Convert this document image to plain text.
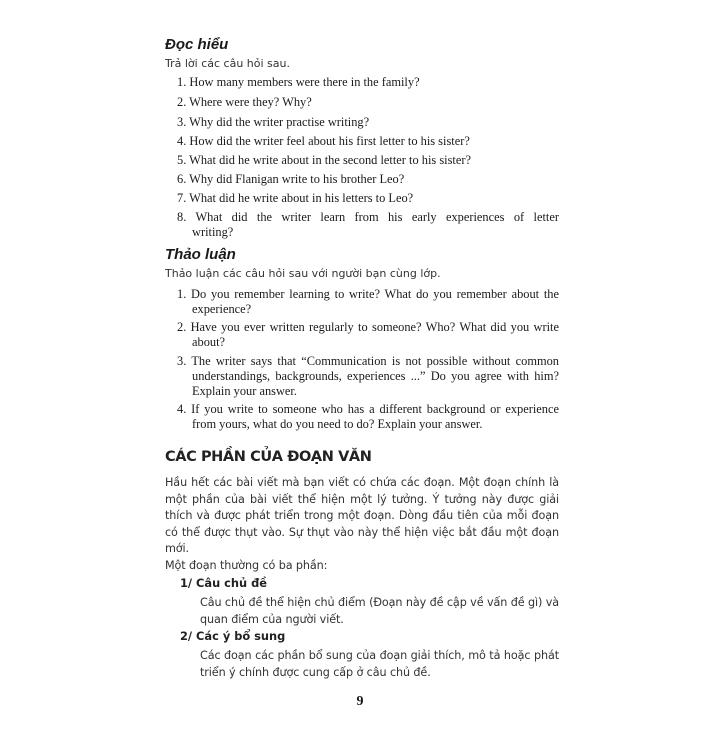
Đọc hiểu
Trả lời các câu hỏi sau.
1. How many members were there in the family?
2. Where were they? Why?
3. Why did the writer practise writing?
4. How did the writer feel about his first letter to his sister?
5. What did he write about in the second letter to his sister?
6. Why did Flanigan write to his brother Leo?
7. What did he write about in his letters to Leo?
8. What did the writer learn from his early experiences of letter writing?
Thảo luận
Thảo luận các câu hỏi sau với người bạn cùng lớp.
1. Do you remember learning to write? What do you remember about the experience?
2. Have you ever written regularly to someone? Who? What did you write about?
3. The writer says that “Communication is not possible without common understandings, backgrounds, experiences ...” Do you agree with him? Explain your answer.
4. If you write to someone who has a different background or experience from yours, what do you need to do? Explain your answer.
CÁC PHẦN CỦA ĐOẠN VĂN
Hầu hết các bài viết mà bạn viết có chứa các đoạn. Một đoạn chính là một phần của bài viết thể hiện một lý tưởng. Ý tưởng này được giải thích và được phát triển trong một đoạn. Dòng đầu tiên của mỗi đoạn có thể được thụt vào. Sự thụt vào này thể hiện việc bắt đầu một đoạn mới.
Một đoạn thường có ba phần:
1/ Câu chủ đề
Câu chủ đề thể hiện chủ điểm (Đoạn này đề cập về vấn đề gì) và quan điểm của người viết.
2/ Các ý bổ sung
Các đoạn các phần bổ sung của đoạn giải thích, mô tả hoặc phát triển ý chính được cung cấp ở câu chủ đề.
9
